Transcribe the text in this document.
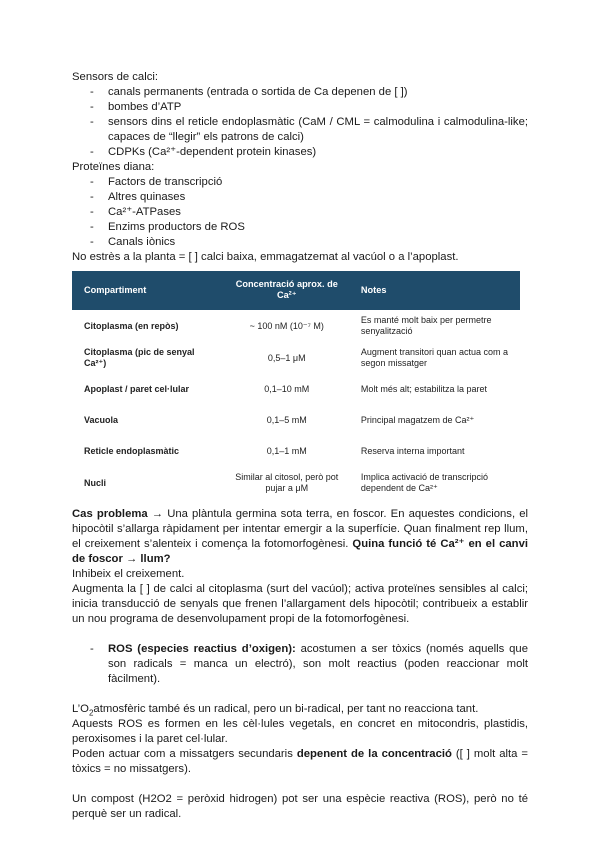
Sensors de calci:
- canals permanents (entrada o sortida de Ca depenen de [ ])
- bombes d’ATP
- sensors dins el reticle endoplasmàtic (CaM / CML = calmodulina i calmodulina-like; capaces de “llegir” els patrons de calci)
- CDPKs (Ca²⁺-dependent protein kinases)
Proteïnes diana:
- Factors de transcripció
- Altres quinases
- Ca²⁺-ATPases
- Enzims productors de ROS
- Canals iònics
No estrès a la planta = [ ] calci baixa, emmagatzemat al vacúol o a l’apoplast.
Compartiment	Concentració aprox. de Ca²⁺	Notes
Citoplasma (en repòs)	~ 100 nM (10⁻⁷ M)	Es manté molt baix per permetre senyalització
Citoplasma (pic de senyal Ca²⁺)	0,5–1 μM	Augment transitori quan actua com a segon missatger
Apoplast / paret cel·lular	0,1–10 mM	Molt més alt; estabilitza la paret
Vacuola	0,1–5 mM	Principal magatzem de Ca²⁺
Reticle endoplasmàtic	0,1–1 mM	Reserva interna important
Nucli	Similar al citosol, però pot pujar a μM	Implica activació de transcripció dependent de Ca²⁺
Cas problema → Una plàntula germina sota terra, en foscor. En aquestes condicions, el hipocòtil s’allarga ràpidament per intentar emergir a la superfície. Quan finalment rep llum, el creixement s’alenteix i comença la fotomorfogènesi. Quina funció té Ca²⁺ en el canvi de foscor → llum?
Inhibeix el creixement.
Augmenta la [ ] de calci al citoplasma (surt del vacúol); activa proteïnes sensibles al calci; inicia transducció de senyals que frenen l’allargament dels hipocòtil; contribueix a establir un nou programa de desenvolupament propi de la fotomorfogènesi.
- ROS (especies reactius d’oxigen): acostumen a ser tòxics (només aquells que son radicals = manca un electró), son molt reactius (poden reaccionar molt fàcilment).
$L’O_2atmosfèric$ també és un radical, pero un bi-radical, per tant no reacciona tant.
Aquests ROS es formen en les cèl·lules vegetals, en concret en mitocondris, plastidis, peroxisomes i la paret cel·lular.
Poden actuar com a missatgers secundaris depenent de la concentració ([ ] molt alta = tòxics = no missatgers).
Un compost (H2O2 = peròxid hidrogen) pot ser una espècie reactiva (ROS), però no té perquè ser un radical.
